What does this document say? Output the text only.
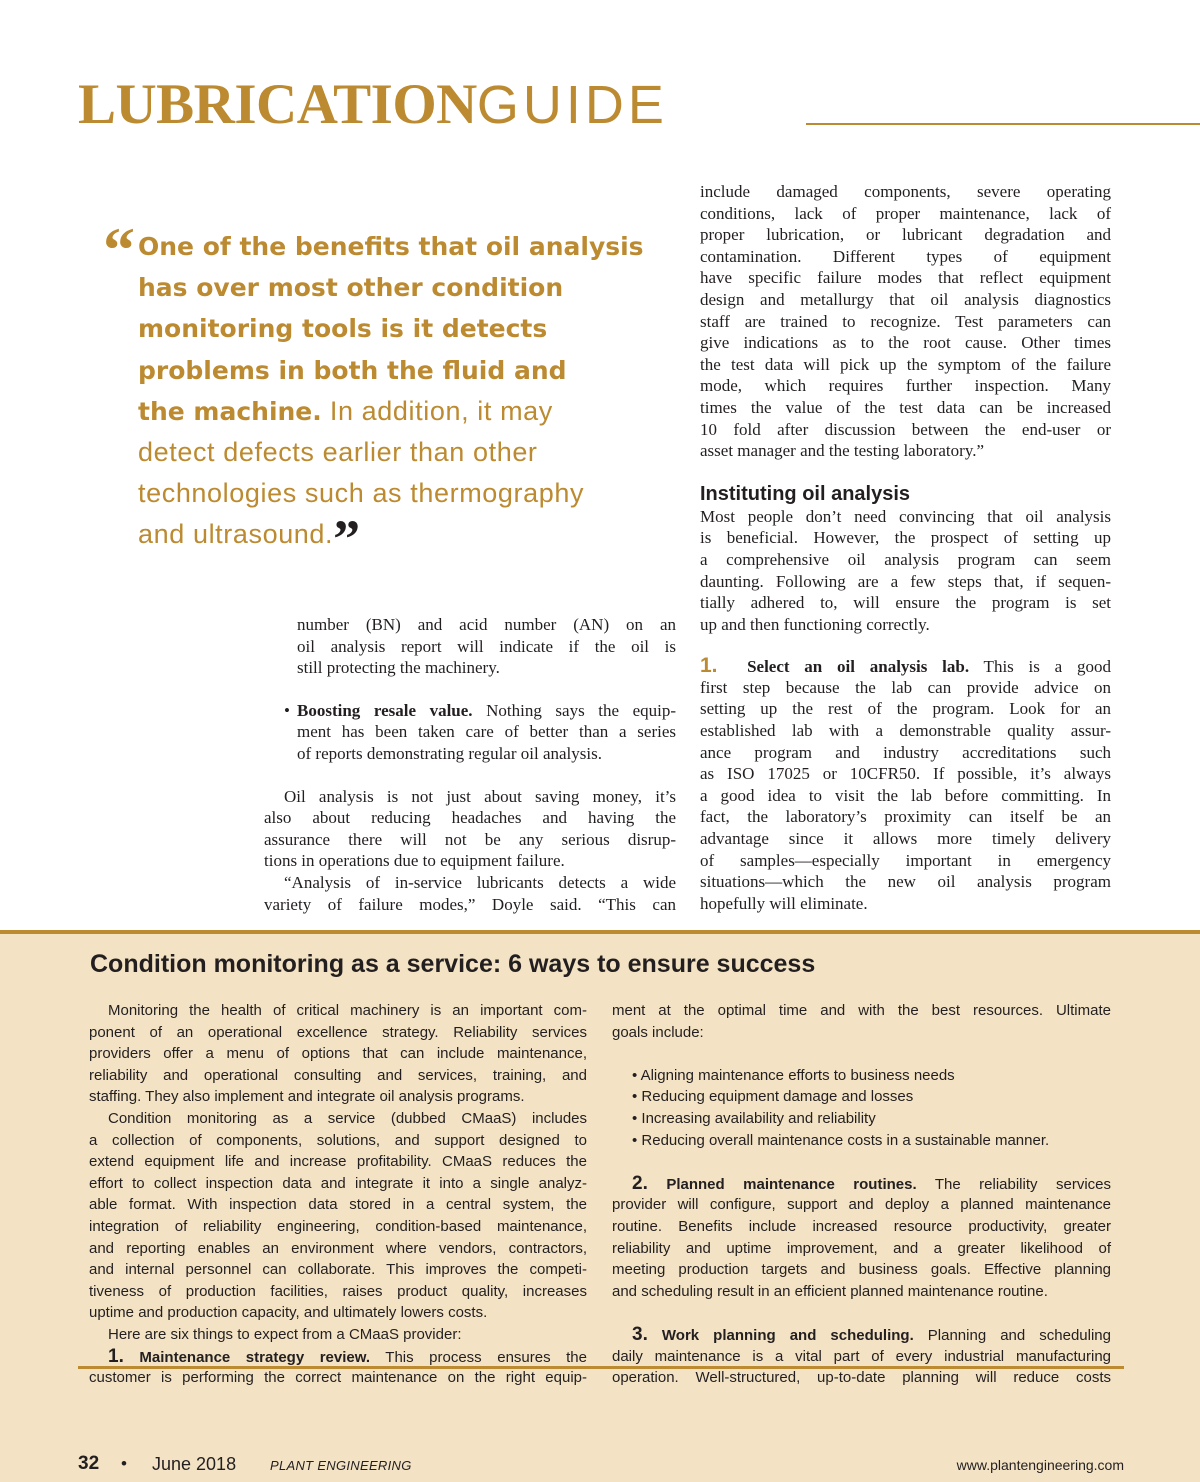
LUBRICATIONGUIDE
“ One of the benefits that oil analysis
has over most other condition
monitoring tools is it detects
problems in both the fluid and
the machine. In addition, it may
detect defects earlier than other
technologies such as thermography
and ultrasound.”
number (BN) and acid number (AN) on an
oil analysis report will indicate if the oil is
still protecting the machinery.
• Boosting resale value. Nothing says the equip-
ment has been taken care of better than a series
of reports demonstrating regular oil analysis.
Oil analysis is not just about saving money, it’s
also about reducing headaches and having the
assurance there will not be any serious disrup-
tions in operations due to equipment failure.
“Analysis of in-service lubricants detects a wide
variety of failure modes,” Doyle said. “This can
include damaged components, severe operating
conditions, lack of proper maintenance, lack of
proper lubrication, or lubricant degradation and
contamination. Different types of equipment
have specific failure modes that reflect equipment
design and metallurgy that oil analysis diagnostics
staff are trained to recognize. Test parameters can
give indications as to the root cause. Other times
the test data will pick up the symptom of the failure
mode, which requires further inspection. Many
times the value of the test data can be increased
10 fold after discussion between the end-user or
asset manager and the testing laboratory.”
Instituting oil analysis
Most people don’t need convincing that oil analysis
is beneficial. However, the prospect of setting up
a comprehensive oil analysis program can seem
daunting. Following are a few steps that, if sequen-
tially adhered to, will ensure the program is set
up and then functioning correctly.
1. Select an oil analysis lab. This is a good
first step because the lab can provide advice on
setting up the rest of the program. Look for an
established lab with a demonstrable quality assur-
ance program and industry accreditations such
as ISO 17025 or 10CFR50. If possible, it’s always
a good idea to visit the lab before committing. In
fact, the laboratory’s proximity can itself be an
advantage since it allows more timely delivery
of samples—especially important in emergency
situations—which the new oil analysis program
hopefully will eliminate.
Condition monitoring as a service: 6 ways to ensure success
Monitoring the health of critical machinery is an important com-
ponent of an operational excellence strategy. Reliability services
providers offer a menu of options that can include maintenance,
reliability and operational consulting and services, training, and
staffing. They also implement and integrate oil analysis programs.
Condition monitoring as a service (dubbed CMaaS) includes
a collection of components, solutions, and support designed to
extend equipment life and increase profitability. CMaaS reduces the
effort to collect inspection data and integrate it into a single analyz-
able format. With inspection data stored in a central system, the
integration of reliability engineering, condition-based maintenance,
and reporting enables an environment where vendors, contractors,
and internal personnel can collaborate. This improves the competi-
tiveness of production facilities, raises product quality, increases
uptime and production capacity, and ultimately lowers costs.
Here are six things to expect from a CMaaS provider:
1. Maintenance strategy review. This process ensures the
customer is performing the correct maintenance on the right equip-
ment at the optimal time and with the best resources. Ultimate
goals include:
• Aligning maintenance efforts to business needs
• Reducing equipment damage and losses
• Increasing availability and reliability
• Reducing overall maintenance costs in a sustainable manner.
2. Planned maintenance routines. The reliability services
provider will configure, support and deploy a planned maintenance
routine. Benefits include increased resource productivity, greater
reliability and uptime improvement, and a greater likelihood of
meeting production targets and business goals. Effective planning
and scheduling result in an efficient planned maintenance routine.
3. Work planning and scheduling. Planning and scheduling
daily maintenance is a vital part of every industrial manufacturing
operation. Well-structured, up-to-date planning will reduce costs
32 • June 2018	PLANT ENGINEERING	www.plantengineering.com
